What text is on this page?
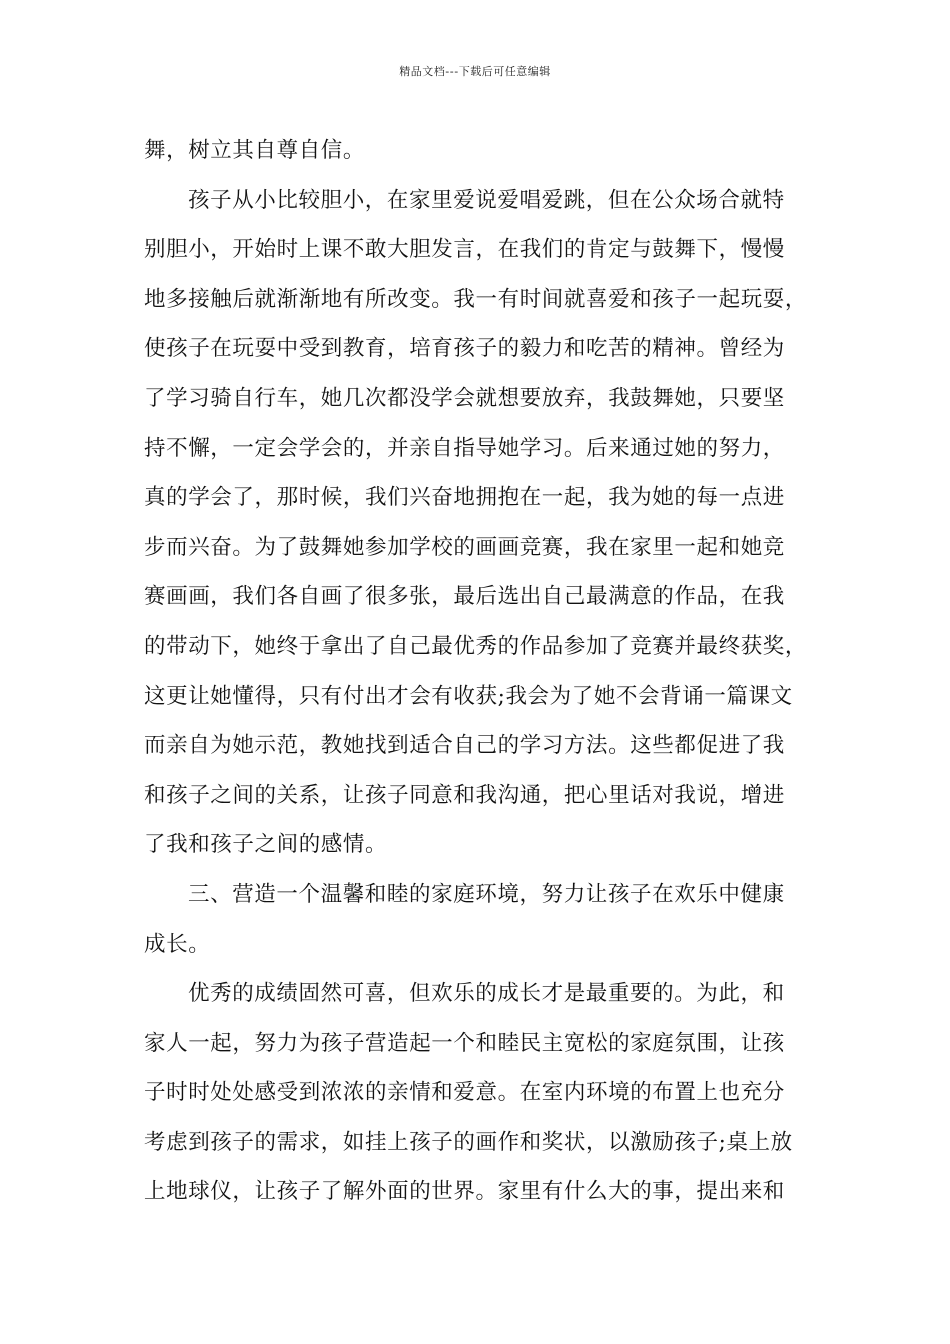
精品文档---下载后可任意编辑
舞，树立其自尊自信。
孩子从小比较胆小，在家里爱说爱唱爱跳，但在公众场合就特
别胆小，开始时上课不敢大胆发言，在我们的肯定与鼓舞下，慢慢
地多接触后就渐渐地有所改变。我一有时间就喜爱和孩子一起玩耍，
使孩子在玩耍中受到教育，培育孩子的毅力和吃苦的精神。曾经为
了学习骑自行车，她几次都没学会就想要放弃，我鼓舞她，只要坚
持不懈，一定会学会的，并亲自指导她学习。后来通过她的努力，
真的学会了，那时候，我们兴奋地拥抱在一起，我为她的每一点进
步而兴奋。为了鼓舞她参加学校的画画竞赛，我在家里一起和她竞
赛画画，我们各自画了很多张，最后选出自己最满意的作品，在我
的带动下，她终于拿出了自己最优秀的作品参加了竞赛并最终获奖，
这更让她懂得，只有付出才会有收获;我会为了她不会背诵一篇课文
而亲自为她示范，教她找到适合自己的学习方法。这些都促进了我
和孩子之间的关系，让孩子同意和我沟通，把心里话对我说，增进
了我和孩子之间的感情。
三、营造一个温馨和睦的家庭环境，努力让孩子在欢乐中健康
成长。
优秀的成绩固然可喜，但欢乐的成长才是最重要的。为此，和
家人一起，努力为孩子营造起一个和睦民主宽松的家庭氛围，让孩
子时时处处感受到浓浓的亲情和爱意。在室内环境的布置上也充分
考虑到孩子的需求，如挂上孩子的画作和奖状，以激励孩子;桌上放
上地球仪，让孩子了解外面的世界。家里有什么大的事，提出来和
